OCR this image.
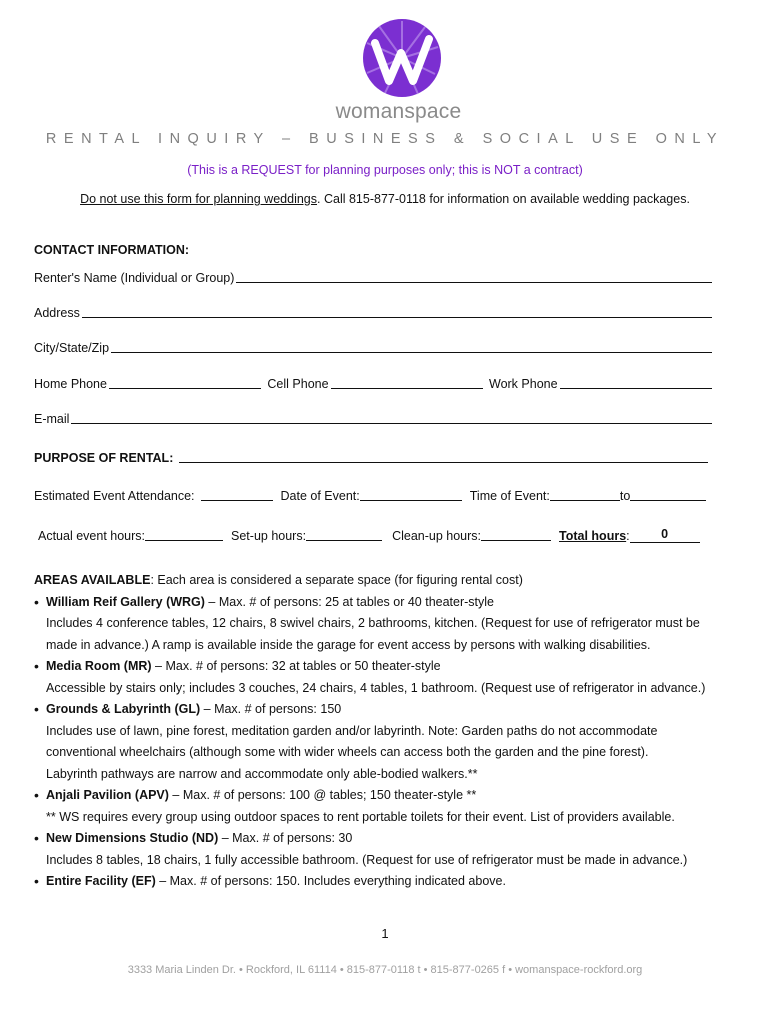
womanspace
RENTAL INQUIRY – BUSINESS & SOCIAL USE ONLY
(This is a REQUEST for planning purposes only; this is NOT a contract)
Do not use this form for planning weddings. Call 815-877-0118 for information on available wedding packages.
CONTACT INFORMATION:
Renter's Name (Individual or Group)
Address
City/State/Zip
Home Phone	Cell Phone	Work Phone
E-mail
PURPOSE OF RENTAL:
Estimated Event Attendance:	Date of Event:	Time of Event:	to
Actual event hours:	Set-up hours:	Clean-up hours:	Total hours :	0
AREAS AVAILABLE: Each area is considered a separate space (for figuring rental cost)
• William Reif Gallery (WRG) – Max. # of persons: 25 at tables or 40 theater-style
Includes 4 conference tables, 12 chairs, 8 swivel chairs, 2 bathrooms, kitchen. (Request for use of refrigerator must be
made in advance.) A ramp is available inside the garage for event access by persons with walking disabilities.
• Media Room (MR) – Max. # of persons: 32 at tables or 50 theater-style
Accessible by stairs only; includes 3 couches, 24 chairs, 4 tables, 1 bathroom. (Request use of refrigerator in advance.)
• Grounds & Labyrinth (GL) – Max. # of persons: 150
Includes use of lawn, pine forest, meditation garden and/or labyrinth. Note: Garden paths do not accommodate
conventional wheelchairs (although some with wider wheels can access both the garden and the pine forest).
Labyrinth pathways are narrow and accommodate only able-bodied walkers.**
• Anjali Pavilion (APV) – Max. # of persons: 100 @ tables; 150 theater-style **
** WS requires every group using outdoor spaces to rent portable toilets for their event. List of providers available.
• New Dimensions Studio (ND) – Max. # of persons: 30
Includes 8 tables, 18 chairs, 1 fully accessible bathroom. (Request for use of refrigerator must be made in advance.)
• Entire Facility (EF) – Max. # of persons: 150. Includes everything indicated above.
1
3333 Maria Linden Dr. • Rockford, IL 61114 • 815-877-0118 t • 815-877-0265 f • womanspace-rockford.org
